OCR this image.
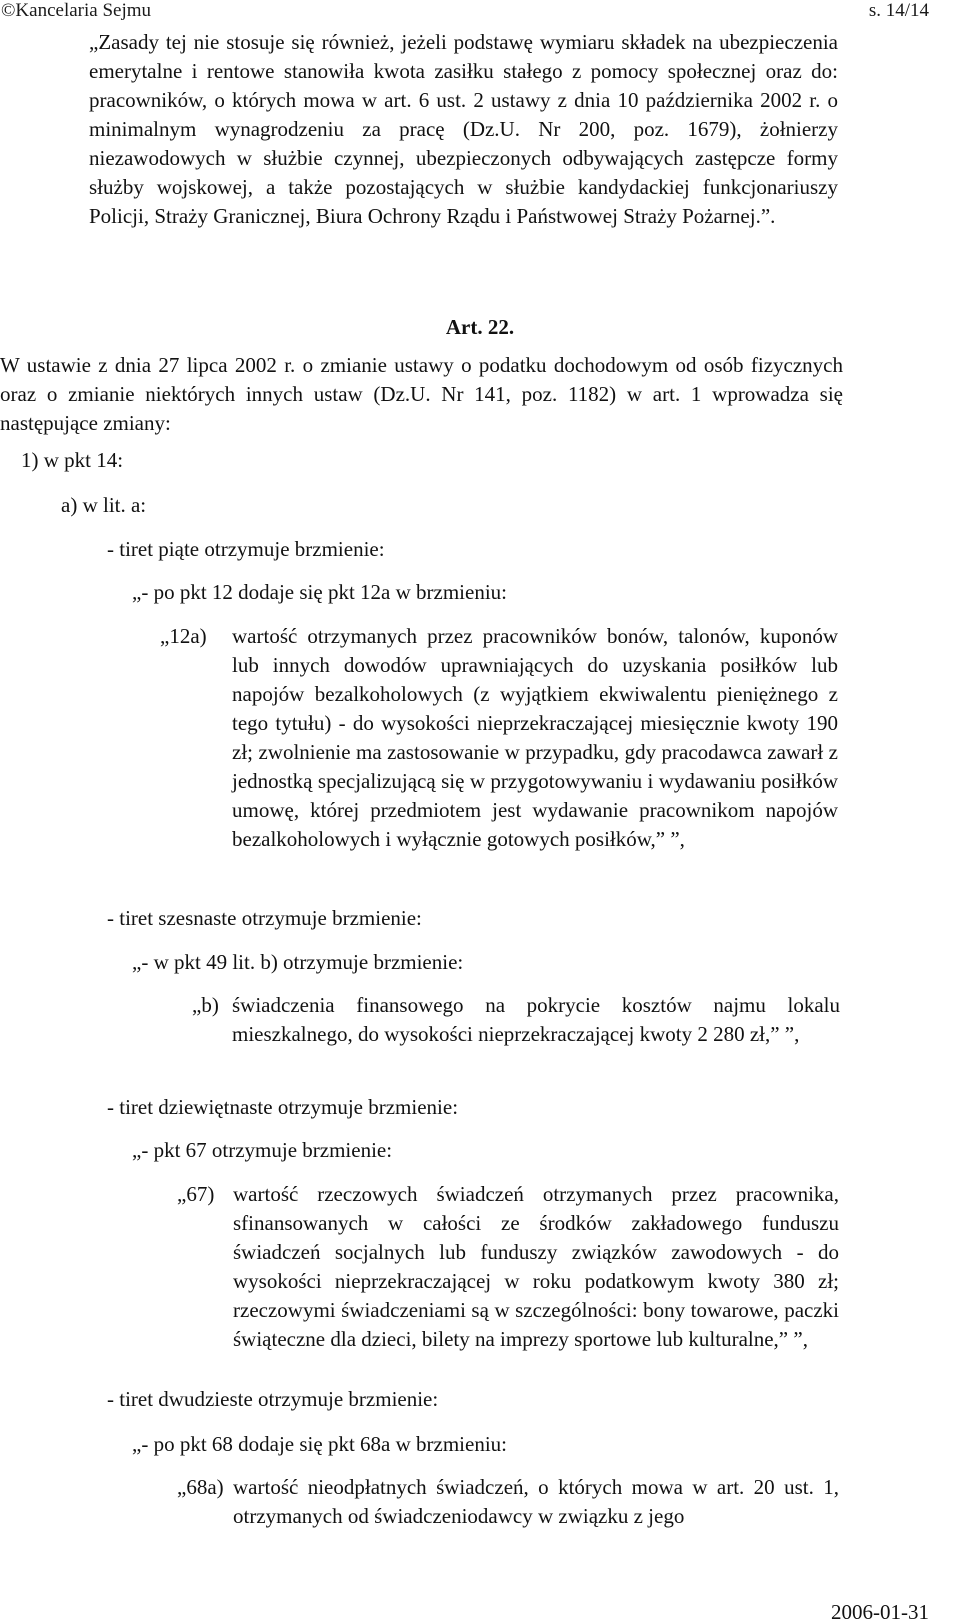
©Kancelaria Sejmu	s. 14/14

„Zasady tej nie stosuje się również, jeżeli podstawę wymiaru składek na ubezpieczenia emerytalne i rentowe stanowiła kwota zasiłku stałego z pomocy społecznej oraz do: pracowników, o których mowa w art. 6 ust. 2 ustawy z dnia 10 października 2002 r. o minimalnym wynagrodzeniu za pracę (Dz.U. Nr 200, poz. 1679), żołnierzy niezawodowych w służbie czynnej, ubezpieczonych odbywających zastępcze formy służby wojskowej, a także pozostających w służbie kandydackiej funkcjonariuszy Policji, Straży Granicznej, Biura Ochrony Rządu i Państwowej Straży Pożarnej.”.

Art. 22.

W ustawie z dnia 27 lipca 2002 r. o zmianie ustawy o podatku dochodowym od osób fizycznych oraz o zmianie niektórych innych ustaw (Dz.U. Nr 141, poz. 1182) w art. 1 wprowadza się następujące zmiany:

1) w pkt 14:
a) w lit. a:
- tiret piąte otrzymuje brzmienie:
„- po pkt 12 dodaje się pkt 12a w brzmieniu:
„12a) wartość otrzymanych przez pracowników bonów, talonów, kuponów lub innych dowodów uprawniających do uzyskania posiłków lub napojów bezalkoholowych (z wyjątkiem ekwiwalentu pieniężnego z tego tytułu) - do wysokości nieprzekraczającej miesięcznie kwoty 190 zł; zwolnienie ma zastosowanie w przypadku, gdy pracodawca zawarł z jednostką specjalizującą się w przygotowywaniu i wydawaniu posiłków umowę, której przedmiotem jest wydawanie pracownikom napojów bezalkoholowych i wyłącznie gotowych posiłków,” ”,
- tiret szesnaste otrzymuje brzmienie:
„- w pkt 49 lit. b) otrzymuje brzmienie:
„b) świadczenia finansowego na pokrycie kosztów najmu lokalu mieszkalnego, do wysokości nieprzekraczającej kwoty 2 280 zł,” ”,
- tiret dziewiętnaste otrzymuje brzmienie:
„- pkt 67 otrzymuje brzmienie:
„67) wartość rzeczowych świadczeń otrzymanych przez pracownika, sfinansowanych w całości ze środków zakładowego funduszu świadczeń socjalnych lub funduszy związków zawodowych - do wysokości nieprzekraczającej w roku podatkowym kwoty 380 zł; rzeczowymi świadczeniami są w szczególności: bony towarowe, paczki świąteczne dla dzieci, bilety na imprezy sportowe lub kulturalne,” ”,
- tiret dwudzieste otrzymuje brzmienie:
„- po pkt 68 dodaje się pkt 68a w brzmieniu:
„68a) wartość nieodpłatnych świadczeń, o których mowa w art. 20 ust. 1, otrzymanych od świadczeniodawcy w związku z jego
2006-01-31
